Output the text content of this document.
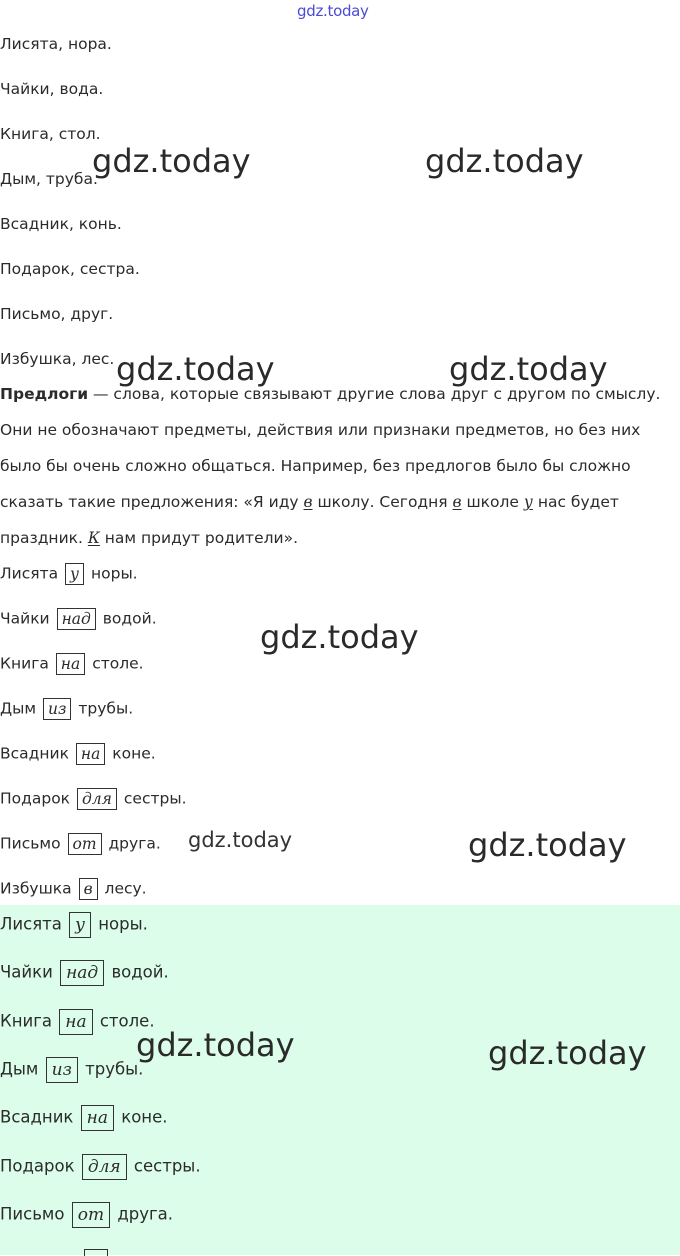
gdz.today
Лисята, нора.
Чайки, вода.
Книга, стол.
Дым, труба.
Всадник, конь.
Подарок, сестра.
Письмо, друг.
Избушка, лес.
Предлоги — слова, которые связывают другие слова друг с другом по смыслу. Они не обозначают предметы, действия или признаки предметов, но без них было бы очень сложно общаться. Например, без предлогов было бы сложно сказать такие предложения: «Я иду в школу. Сегодня в школе у нас будет праздник. К нам придут родители».
Лисята у норы.
Чайки над водой.
Книга на столе.
Дым из трубы.
Всадник на коне.
Подарок для сестры.
Письмо от друга.
Избушка в лесу.
Лисята у норы.
Чайки над водой.
Книга на столе.
Дым из трубы.
Всадник на коне.
Подарок для сестры.
Письмо от друга.
gdz.today	gdz.today
gdz.today	gdz.today
gdz.today
gdz.today	gdz.today
gdz.today	gdz.today
